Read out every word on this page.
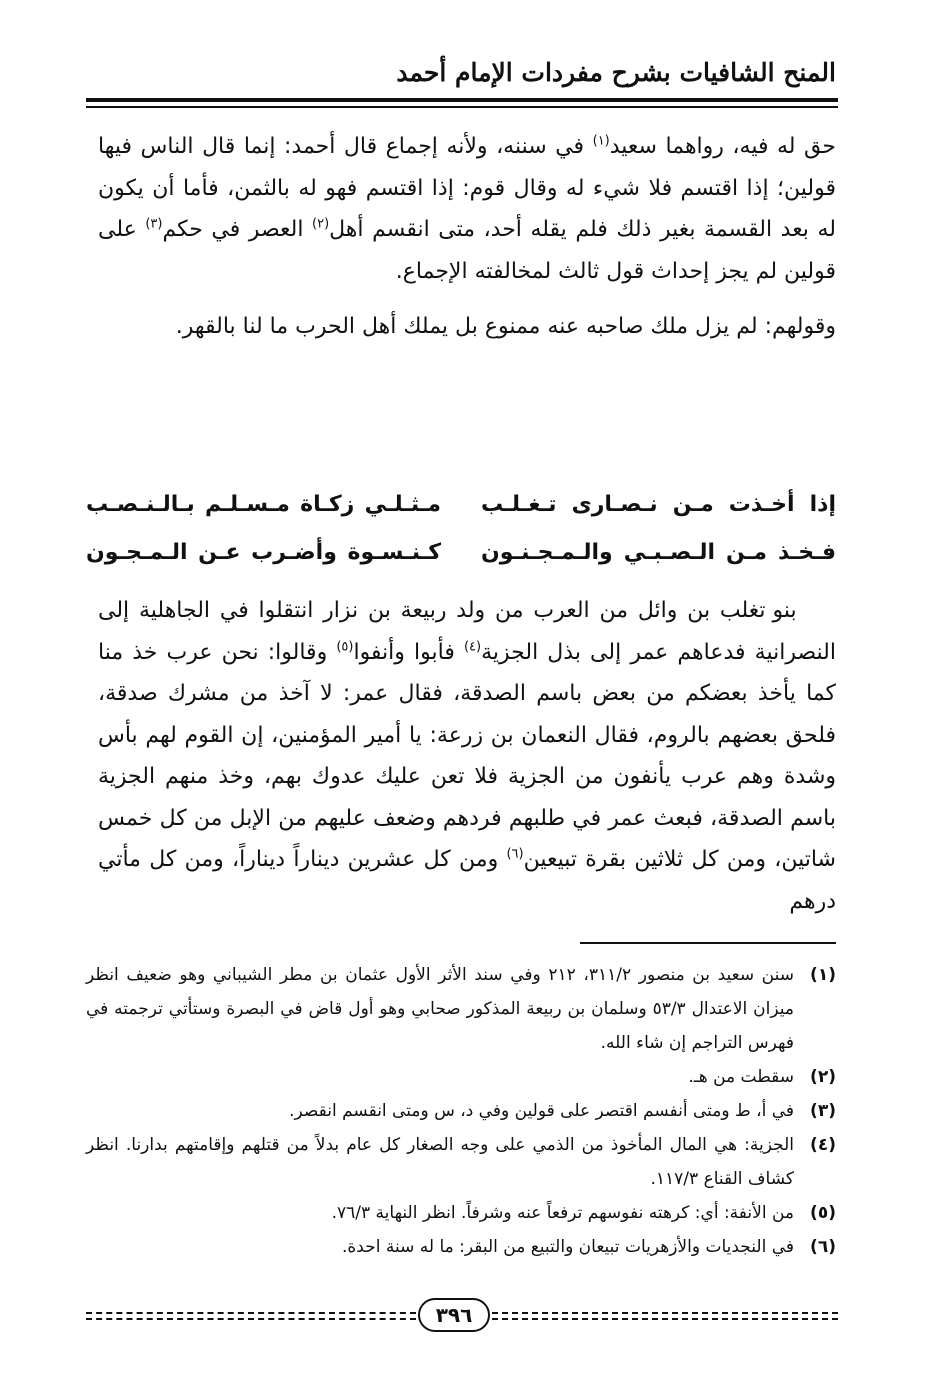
المنح الشافيات بشرح مفردات الإمام أحمد

حق له فيه، رواهما سعيد$^{(١)}$ في سننه، ولأنه إجماع قال أحمد: إنما قال الناس فيها قولين؛ إذا اقتسم فلا شيء له وقال قوم: إذا اقتسم فهو له بالثمن، فأما أن يكون له بعد القسمة بغير ذلك فلم يقله أحد، متى انقسم أهل$^{(٢)}$ العصر في حكم$^{(٣)}$ على قولين لم يجز إحداث قول ثالث لمخالفته الإجماع.

وقولهم: لم يزل ملك صاحبه عنه ممنوع بل يملك أهل الحرب ما لنا بالقهر.

إذا أخـذت مـن نـصـارى تـغـلـب
مـثـلـي زكـاة مـسـلـم بـالـنـصـب
فـخـذ مـن الـصـبـي والـمـجـنـون
كـنـسـوة وأضـرب عـن الـمـجـون

بنو تغلب بن وائل من العرب من ولد ربيعة بن نزار انتقلوا في الجاهلية إلى النصرانية فدعاهم عمر إلى بذل الجزية$^{(٤)}$ فأبوا وأنفوا$^{(٥)}$ وقالوا: نحن عرب خذ منا كما يأخذ بعضكم من بعض باسم الصدقة، فقال عمر: لا آخذ من مشرك صدقة، فلحق بعضهم بالروم، فقال النعمان بن زرعة: يا أمير المؤمنين، إن القوم لهم بأس وشدة وهم عرب يأنفون من الجزية فلا تعن عليك عدوك بهم، وخذ منهم الجزية باسم الصدقة، فبعث عمر في طلبهم فردهم وضعف عليهم من الإبل من كل خمس شاتين، ومن كل ثلاثين بقرة تبيعين$^{(٦)}$ ومن كل عشرين ديناراً ديناراً، ومن كل مأتي درهم

(١)
سنن سعيد بن منصور ٣١١/٢، ٢١٢ وفي سند الأثر الأول عثمان بن مطر الشيباني وهو ضعيف انظر ميزان الاعتدال ٥٣/٣ وسلمان بن ربيعة المذكور صحابي وهو أول قاض في البصرة وستأتي ترجمته في فهرس التراجم إن شاء الله.
(٢)
سقطت من هـ.
(٣)
في أ، ط ومتى أنفسم اقتصر على قولين وفي د، س ومتى انقسم انقصر.
(٤)
الجزية: هي المال المأخوذ من الذمي على وجه الصغار كل عام بدلاً من قتلهم وإقامتهم بدارنا. انظر كشاف القناع ١١٧/٣.
(٥)
من الأنفة: أي: كرهته نفوسهم ترفعاً عنه وشرفاً. انظر النهاية ٧٦/٣.
(٦)
في النجديات والأزهريات تبيعان والتبيع من البقر: ما له سنة احدة.
٣٩٦
